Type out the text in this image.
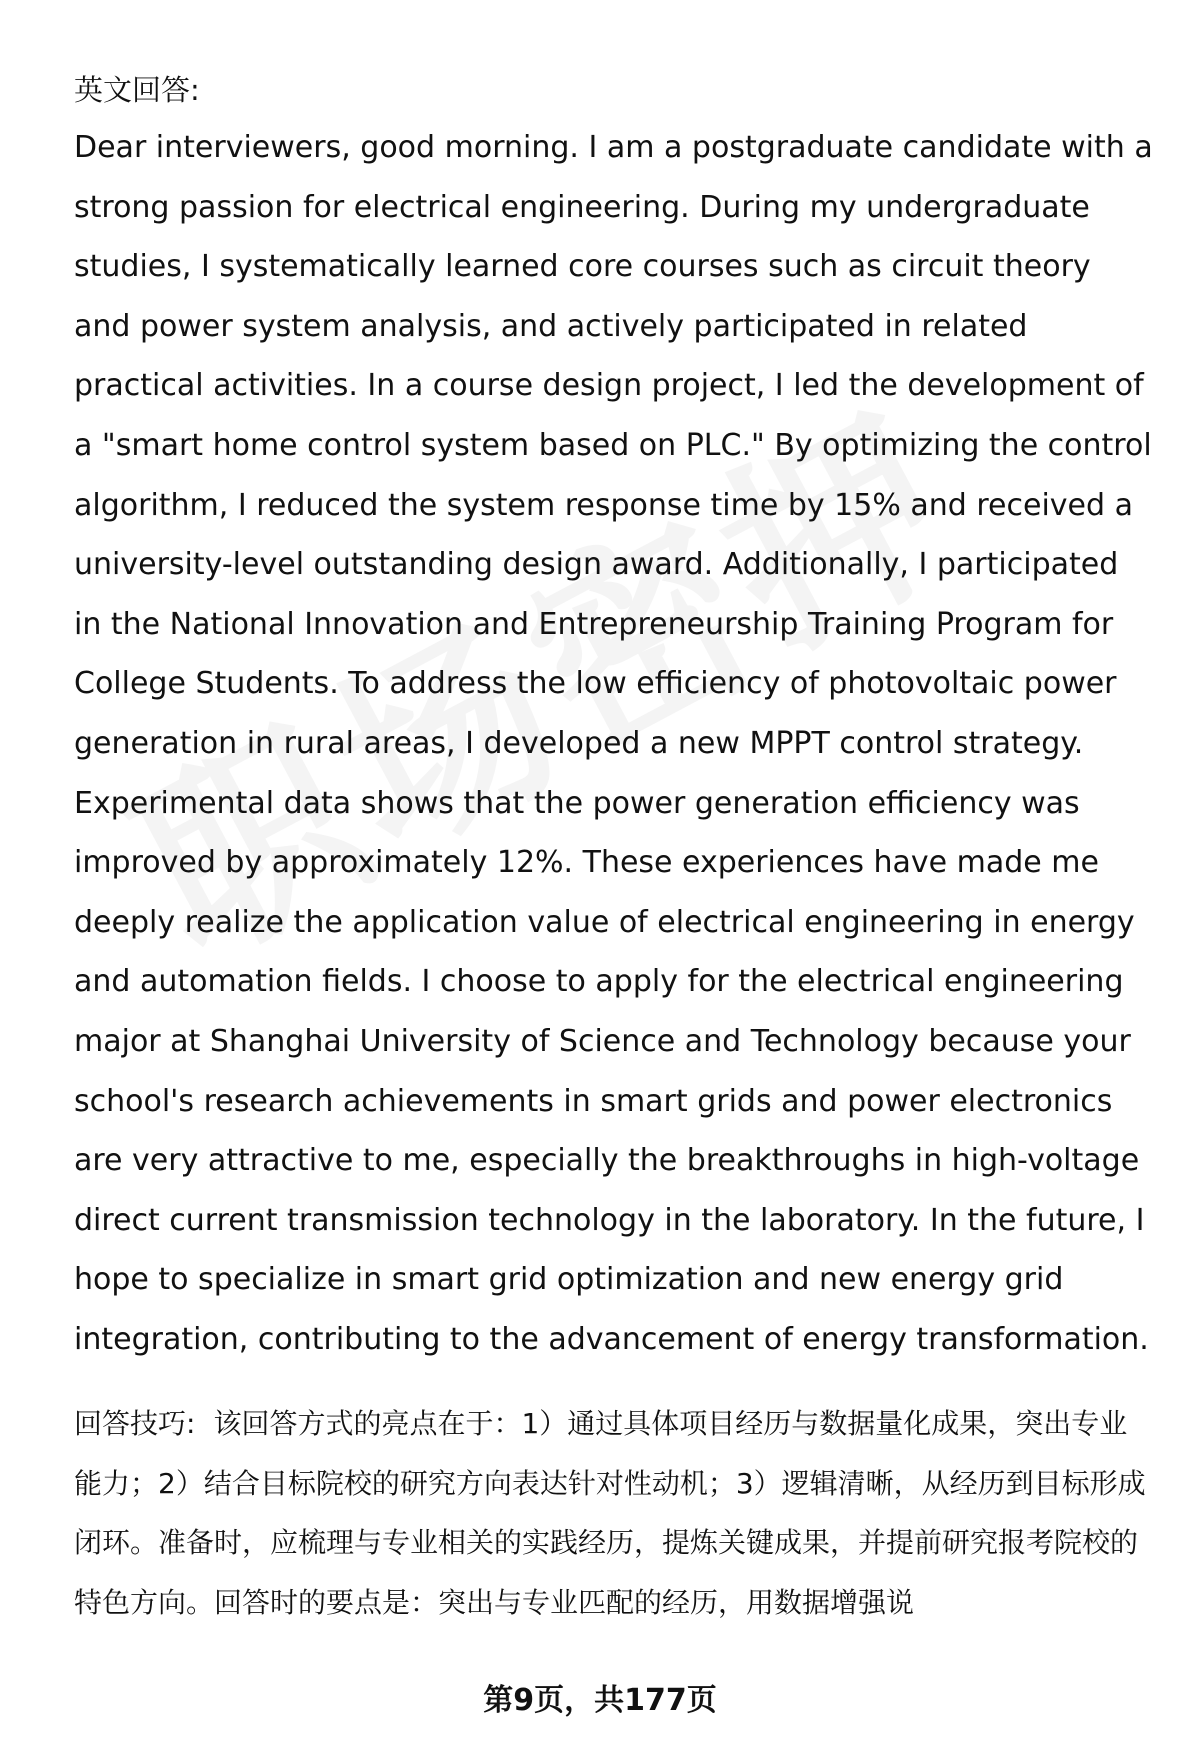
英文回答:

Dear interviewers, good morning. I am a postgraduate candidate with a strong passion for electrical engineering. During my undergraduate studies, I systematically learned core courses such as circuit theory and power system analysis, and actively participated in related practical activities. In a course design project, I led the development of a "smart home control system based on PLC." By optimizing the control algorithm, I reduced the system response time by 15% and received a university-level outstanding design award. Additionally, I participated in the National Innovation and Entrepreneurship Training Program for College Students. To address the low efficiency of photovoltaic power generation in rural areas, I developed a new MPPT control strategy. Experimental data shows that the power generation efficiency was improved by approximately 12%. These experiences have made me deeply realize the application value of electrical engineering in energy and automation fields. I choose to apply for the electrical engineering major at Shanghai University of Science and Technology because your school's research achievements in smart grids and power electronics are very attractive to me, especially the breakthroughs in high-voltage direct current transmission technology in the laboratory. In the future, I hope to specialize in smart grid optimization and new energy grid integration, contributing to the advancement of energy transformation.

回答技巧: 该回答方式的亮点在于：1）通过具体项目经历与数据量化成果，突出专业能力；2）结合目标院校的研究方向表达针对性动机；3）逻辑清晰，从经历到目标形成闭环。准备时，应梳理与专业相关的实践经历，提炼关键成果，并提前研究报考院校的特色方向。回答时的要点是：突出与专业匹配的经历，用数据增强说

第9页，共177页
